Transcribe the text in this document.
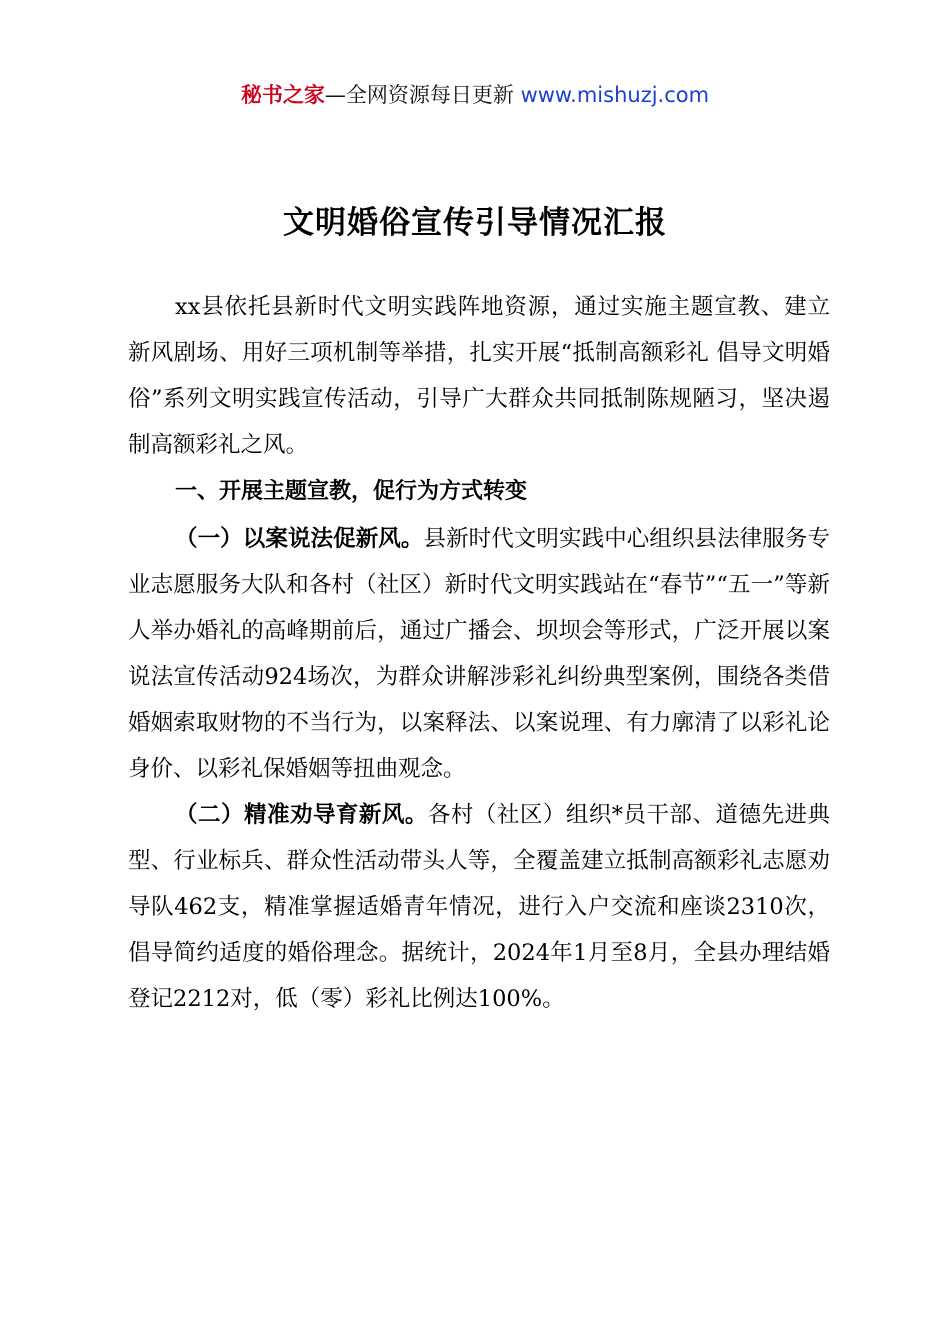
秘书之家—全网资源每日更新 www.mishuzj.com
文明婚俗宣传引导情况汇报

xx县依托县新时代文明实践阵地资源，通过实施主题宣教、建立新风剧场、用好三项机制等举措，扎实开展“抵制高额彩礼 倡导文明婚俗”系列文明实践宣传活动，引导广大群众共同抵制陈规陋习，坚决遏制高额彩礼之风。

一、开展主题宣教，促行为方式转变

（一）以案说法促新风。县新时代文明实践中心组织县法律服务专业志愿服务大队和各村（社区）新时代文明实践站在“春节”“五一”等新人举办婚礼的高峰期前后，通过广播会、坝坝会等形式，广泛开展以案说法宣传活动924场次，为群众讲解涉彩礼纠纷典型案例，围绕各类借婚姻索取财物的不当行为，以案释法、以案说理、有力廓清了以彩礼论身价、以彩礼保婚姻等扭曲观念。

（二）精准劝导育新风。各村（社区）组织*员干部、道德先进典型、行业标兵、群众性活动带头人等，全覆盖建立抵制高额彩礼志愿劝导队462支，精准掌握适婚青年情况，进行入户交流和座谈2310次，倡导简约适度的婚俗理念。据统计，2024年1月至8月，全县办理结婚登记2212对，低（零）彩礼比例达100%。
